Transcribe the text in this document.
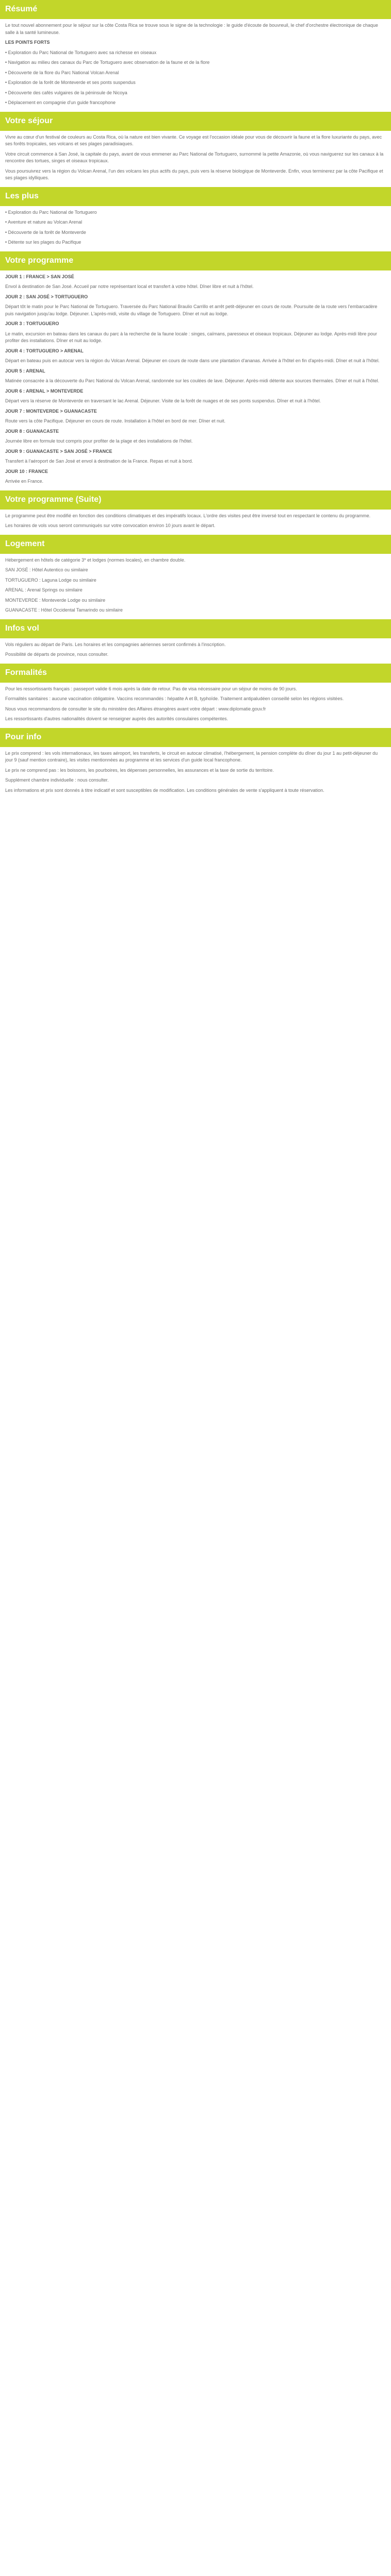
Résumé

Le tout nouvel abonnement pour le séjour sur la côte Costa Rica se trouve sous le signe de la technologie : le guide d'écoute de bouvreuil, le chef d'orchestre électronique de chaque salle à la santé lumineuse.

LES POINTS FORTS

• Exploration du Parc National de Tortuguero avec sa richesse en oiseaux

• Navigation au milieu des canaux du Parc de Tortuguero avec observation de la faune et de la flore

• Découverte de la flore du Parc National Volcan Arenal

• Exploration de la forêt de Monteverde et ses ponts suspendus

• Découverte des cafés vulgaires de la péninsule de Nicoya

• Déplacement en compagnie d'un guide francophone

Votre séjour

Vivre au cœur d'un festival de couleurs au Costa Rica, où la nature est bien vivante. Ce voyage est l'occasion idéale pour vous de découvrir la faune et la flore luxuriante du pays, avec ses forêts tropicales, ses volcans et ses plages paradisiaques.

Votre circuit commence à San José, la capitale du pays, avant de vous emmener au Parc National de Tortuguero, surnommé la petite Amazonie, où vous naviguerez sur les canaux à la rencontre des tortues, singes et oiseaux tropicaux.

Vous poursuivrez vers la région du Volcan Arenal, l'un des volcans les plus actifs du pays, puis vers la réserve biologique de Monteverde. Enfin, vous terminerez par la côte Pacifique et ses plages idylliques.

Les plus

• Exploration du Parc National de Tortuguero

• Aventure et nature au Volcan Arenal

• Découverte de la forêt de Monteverde

• Détente sur les plages du Pacifique

Votre programme

JOUR 1 : FRANCE > SAN JOSÉ

Envol à destination de San José. Accueil par notre représentant local et transfert à votre hôtel. Dîner libre et nuit à l'hôtel.

JOUR 2 : SAN JOSÉ > TORTUGUERO

Départ tôt le matin pour le Parc National de Tortuguero. Traversée du Parc National Braulio Carrillo et arrêt petit-déjeuner en cours de route. Poursuite de la route vers l'embarcadère puis navigation jusqu'au lodge. Déjeuner. L'après-midi, visite du village de Tortuguero. Dîner et nuit au lodge.

JOUR 3 : TORTUGUERO

Le matin, excursion en bateau dans les canaux du parc à la recherche de la faune locale : singes, caïmans, paresseux et oiseaux tropicaux. Déjeuner au lodge. Après-midi libre pour profiter des installations. Dîner et nuit au lodge.

JOUR 4 : TORTUGUERO > ARENAL

Départ en bateau puis en autocar vers la région du Volcan Arenal. Déjeuner en cours de route dans une plantation d'ananas. Arrivée à l'hôtel en fin d'après-midi. Dîner et nuit à l'hôtel.

JOUR 5 : ARENAL

Matinée consacrée à la découverte du Parc National du Volcan Arenal, randonnée sur les coulées de lave. Déjeuner. Après-midi détente aux sources thermales. Dîner et nuit à l'hôtel.

JOUR 6 : ARENAL > MONTEVERDE

Départ vers la réserve de Monteverde en traversant le lac Arenal. Déjeuner. Visite de la forêt de nuages et de ses ponts suspendus. Dîner et nuit à l'hôtel.

JOUR 7 : MONTEVERDE > GUANACASTE

Route vers la côte Pacifique. Déjeuner en cours de route. Installation à l'hôtel en bord de mer. Dîner et nuit.

JOUR 8 : GUANACASTE

Journée libre en formule tout compris pour profiter de la plage et des installations de l'hôtel.

JOUR 9 : GUANACASTE > SAN JOSÉ > FRANCE

Transfert à l'aéroport de San José et envol à destination de la France. Repas et nuit à bord.

JOUR 10 : FRANCE

Arrivée en France.

Votre programme (Suite)

Le programme peut être modifié en fonction des conditions climatiques et des impératifs locaux. L'ordre des visites peut être inversé tout en respectant le contenu du programme.

Les horaires de vols vous seront communiqués sur votre convocation environ 10 jours avant le départ.

Logement

Hébergement en hôtels de catégorie 3* et lodges (normes locales), en chambre double.

SAN JOSÉ : Hôtel Autentico ou similaire

TORTUGUERO : Laguna Lodge ou similaire

ARENAL : Arenal Springs ou similaire

MONTEVERDE : Monteverde Lodge ou similaire

GUANACASTE : Hôtel Occidental Tamarindo ou similaire

Infos vol

Vols réguliers au départ de Paris. Les horaires et les compagnies aériennes seront confirmés à l'inscription.

Possibilité de départs de province, nous consulter.

Formalités

Pour les ressortissants français : passeport valide 6 mois après la date de retour. Pas de visa nécessaire pour un séjour de moins de 90 jours.

Formalités sanitaires : aucune vaccination obligatoire. Vaccins recommandés : hépatite A et B, typhoïde. Traitement antipaludéen conseillé selon les régions visitées.

Nous vous recommandons de consulter le site du ministère des Affaires étrangères avant votre départ : www.diplomatie.gouv.fr

Les ressortissants d'autres nationalités doivent se renseigner auprès des autorités consulaires compétentes.

Pour info

Le prix comprend : les vols internationaux, les taxes aéroport, les transferts, le circuit en autocar climatisé, l'hébergement, la pension complète du dîner du jour 1 au petit-déjeuner du jour 9 (sauf mention contraire), les visites mentionnées au programme et les services d'un guide local francophone.

Le prix ne comprend pas : les boissons, les pourboires, les dépenses personnelles, les assurances et la taxe de sortie du territoire.

Supplément chambre individuelle : nous consulter.

Les informations et prix sont donnés à titre indicatif et sont susceptibles de modification. Les conditions générales de vente s'appliquent à toute réservation.
